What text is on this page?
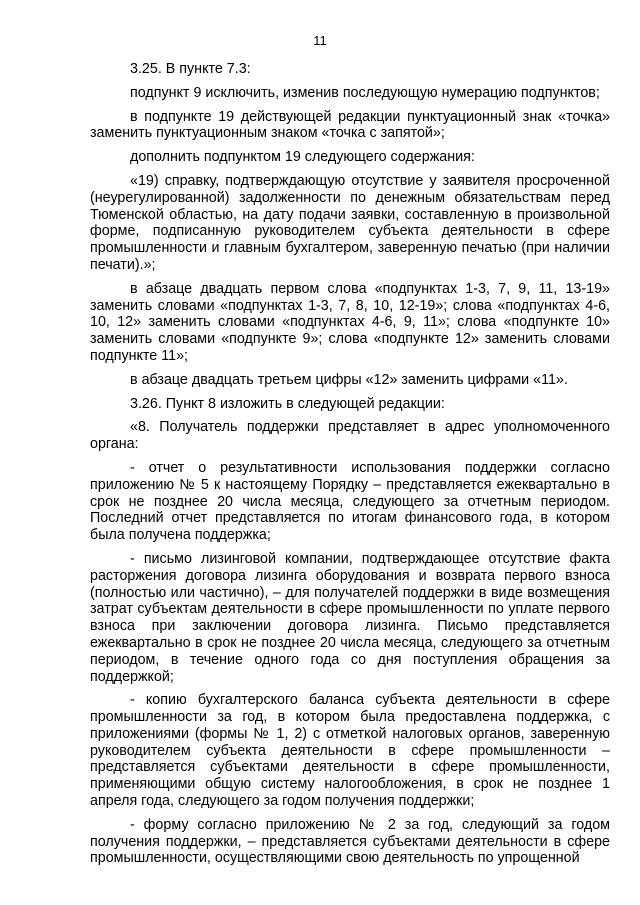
11

3.25. В пункте 7.3:

подпункт 9 исключить, изменив последующую нумерацию подпунктов;

в подпункте 19 действующей редакции пунктуационный знак «точка» заменить пунктуационным знаком «точка с запятой»;

дополнить подпунктом 19 следующего содержания:

«19) справку, подтверждающую отсутствие у заявителя просроченной (неурегулированной) задолженности по денежным обязательствам перед Тюменской областью, на дату подачи заявки, составленную в произвольной форме, подписанную руководителем субъекта деятельности в сфере промышленности и главным бухгалтером, заверенную печатью (при наличии печати).»;

в абзаце двадцать первом слова «подпунктах 1-3, 7, 9, 11, 13-19» заменить словами «подпунктах 1-3, 7, 8, 10, 12-19»; слова «подпунктах 4-6, 10, 12» заменить словами «подпунктах 4-6, 9, 11»; слова «подпункте 10» заменить словами «подпункте 9»; слова «подпункте 12» заменить словами подпункте 11»;

в абзаце двадцать третьем цифры «12» заменить цифрами «11».

3.26. Пункт 8 изложить в следующей редакции:

«8. Получатель поддержки представляет в адрес уполномоченного органа:

- отчет о результативности использования поддержки согласно приложению № 5 к настоящему Порядку – представляется ежеквартально в срок не позднее 20 числа месяца, следующего за отчетным периодом. Последний отчет представляется по итогам финансового года, в котором была получена поддержка;

- письмо лизинговой компании, подтверждающее отсутствие факта расторжения договора лизинга оборудования и возврата первого взноса (полностью или частично), – для получателей поддержки в виде возмещения затрат субъектам деятельности в сфере промышленности по уплате первого взноса при заключении договора лизинга. Письмо представляется ежеквартально в срок не позднее 20 числа месяца, следующего за отчетным периодом, в течение одного года со дня поступления обращения за поддержкой;

- копию бухгалтерского баланса субъекта деятельности в сфере промышленности за год, в котором была предоставлена поддержка, с приложениями (формы № 1, 2) с отметкой налоговых органов, заверенную руководителем субъекта деятельности в сфере промышленности – представляется субъектами деятельности в сфере промышленности, применяющими общую систему налогообложения, в срок не позднее 1 апреля года, следующего за годом получения поддержки;

- форму согласно приложению № 2 за год, следующий за годом получения поддержки, – представляется субъектами деятельности в сфере промышленности, осуществляющими свою деятельность по упрощенной
